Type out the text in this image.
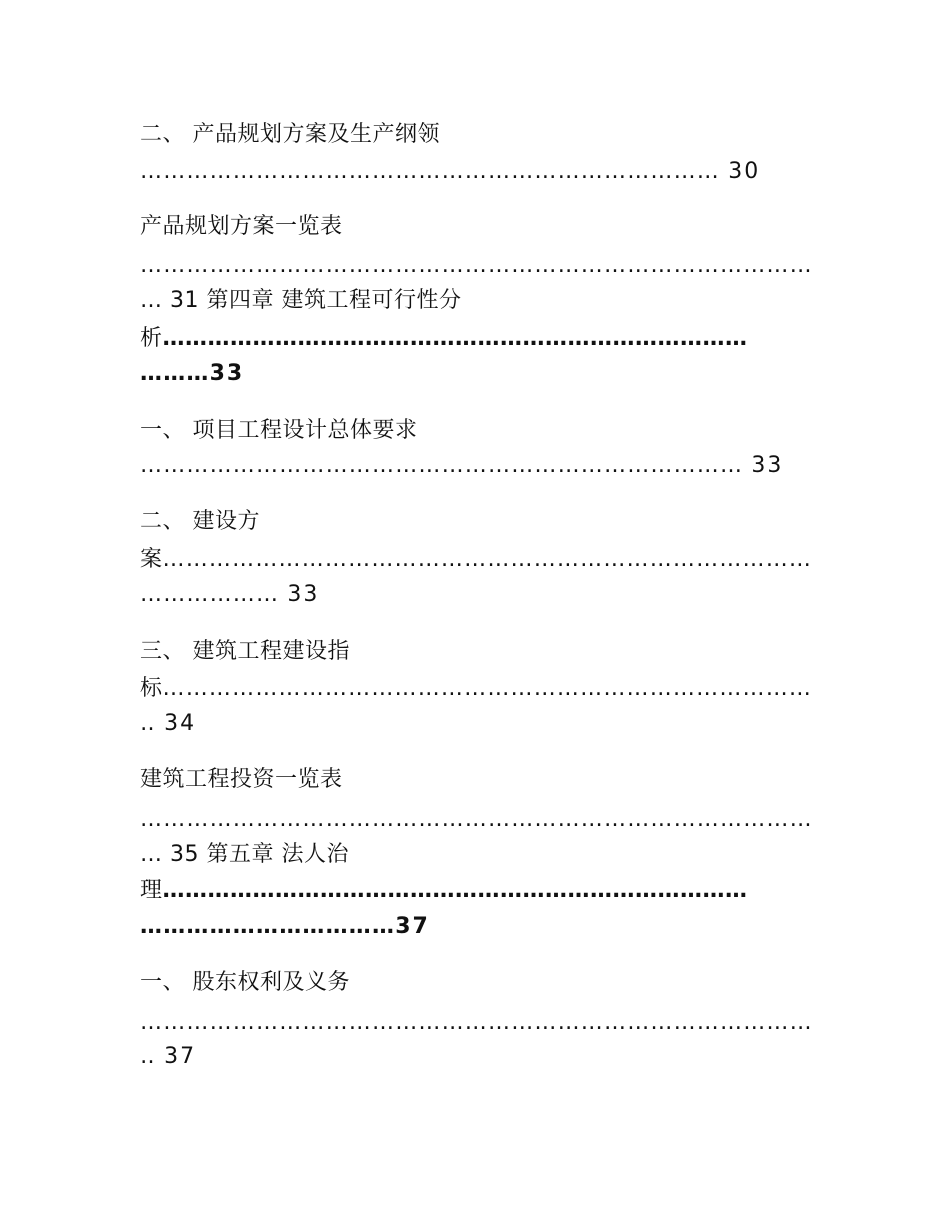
二、 产品规划方案及生产纲领
………………………………………………………………… 30
产品规划方案一览表
……………………………………………………………………………
… 31 第四章 建筑工程可行性分
析……………………………………………………………………
………33
一、 项目工程设计总体要求
…………………………………………………………………… 33
二、 建设方
案…………………………………………………………………………
……………… 33
三、 建筑工程建设指
标…………………………………………………………………………
‥ 34
建筑工程投资一览表
……………………………………………………………………………
… 35 第五章 法人治
理……………………………………………………………………
……………………………37
一、 股东权利及义务
……………………………………………………………………………
‥ 37
